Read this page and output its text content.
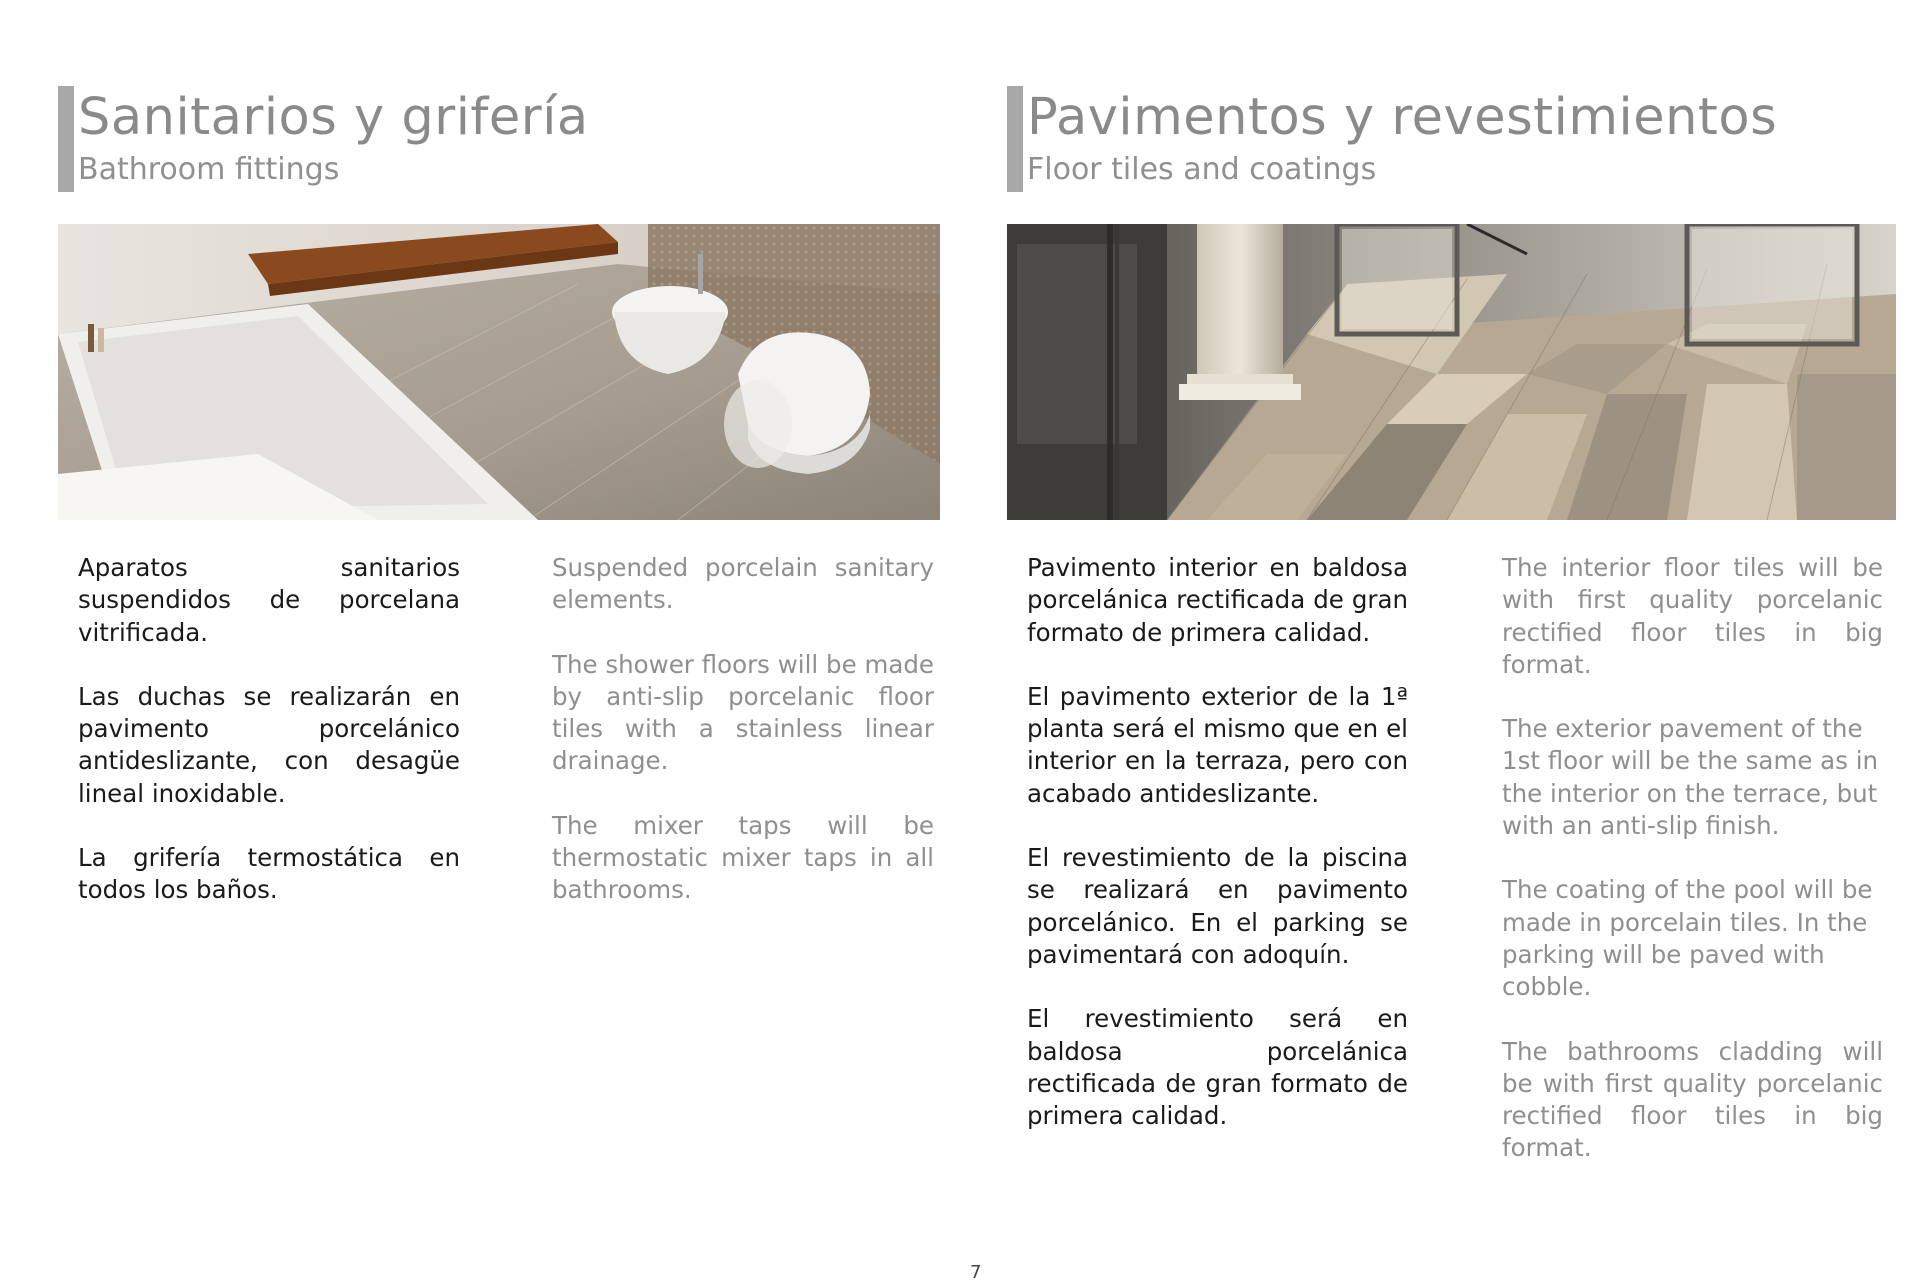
Sanitarios y grifería
Bathroom fittings

Aparatos sanitarios suspendidos de porcelana vitrificada.

Las duchas se realizarán en pavimento porcelánico antideslizante, con desagüe lineal inoxidable.

La grifería termostática en todos los baños.

Suspended porcelain sanitary elements.

The shower floors will be made by anti-slip porcelanic floor tiles with a stainless linear drainage.

The mixer taps will be thermostatic mixer taps in all bathrooms.

Pavimentos y revestimientos
Floor tiles and coatings

Pavimento interior en baldosa porcelánica rectificada de gran formato de primera calidad.

El pavimento exterior de la 1ª planta será el mismo que en el interior en la terraza, pero con acabado antideslizante.

El revestimiento de la piscina se realizará en pavimento porcelánico. En el parking se pavimentará con adoquín.

El revestimiento será en baldosa porcelánica rectificada de gran formato de primera calidad.

The interior floor tiles will be with first quality porcelanic rectified floor tiles in big format.

The exterior pavement of the 1st floor will be the same as in the interior on the terrace, but with an anti-slip finish.

The coating of the pool will be made in porcelain tiles. In the parking will be paved with cobble.

The bathrooms cladding will be with first quality porcelanic rectified floor tiles in big format.

7
